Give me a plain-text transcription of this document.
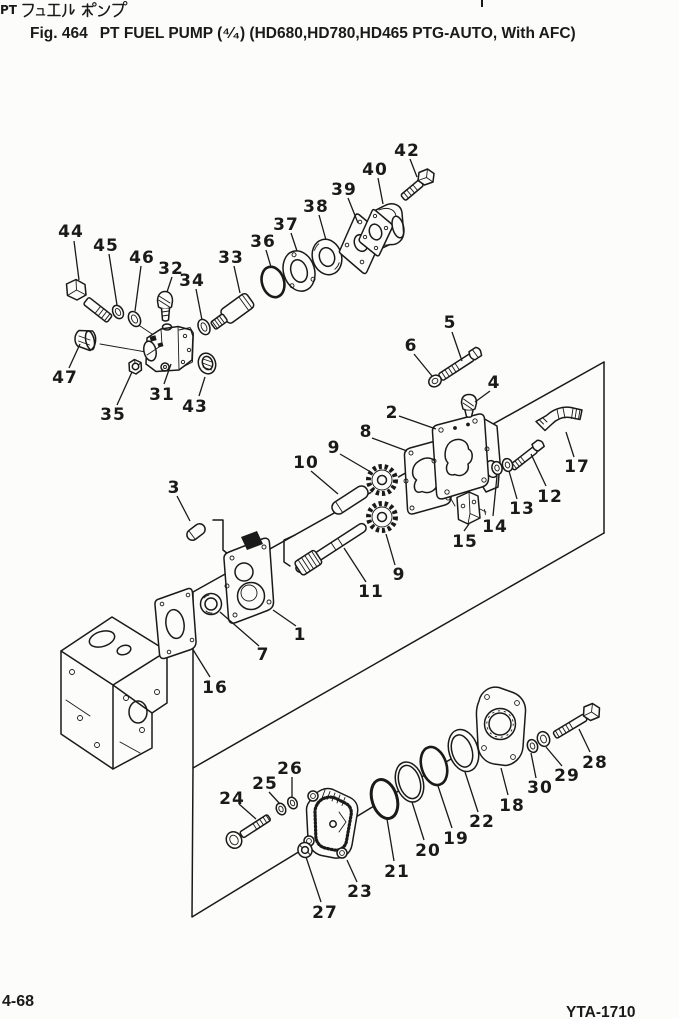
PT
Fig. 464 PT FUEL PUMP (⁴⁄₄) (HD680,HD780,HD465 PTG-AUTO, With AFC)
42
40
39
38
37
36
33
34
32
44
45
46
47
35
31
43
6
5
4
2
8
9
10
3
9
11
1
7
16
17
12
13
14
15
24
25
26
23
27
21
20
19
22
18
30
29
28
4-68
YTA-1710
